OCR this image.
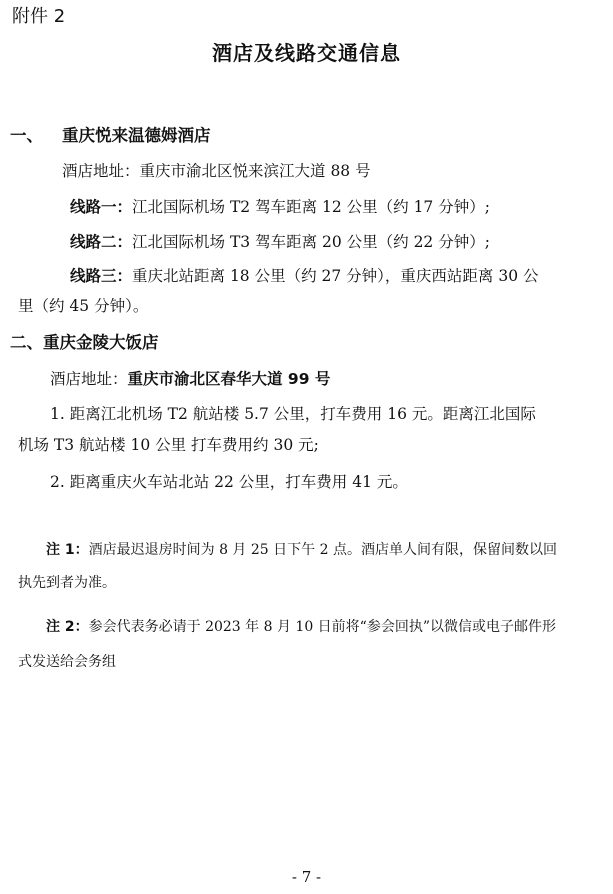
附件 2
酒店及线路交通信息
一、 重庆悦来温德姆酒店
酒店地址：重庆市渝北区悦来滨江大道 88 号
线路一：江北国际机场 T2 驾车距离 12 公里（约 17 分钟）;
线路二：江北国际机场 T3 驾车距离 20 公里（约 22 分钟）;
线路三：重庆北站距离 18 公里（约 27 分钟），重庆西站距离 30 公
里（约 45 分钟）。
二、重庆金陵大饭店
酒店地址：重庆市渝北区春华大道 99 号
1. 距离江北机场 T2 航站楼 5.7 公里，打车费用 16 元。距离江北国际
机场 T3 航站楼 10 公里 打车费用约 30 元;
2. 距离重庆火车站北站 22 公里，打车费用 41 元。
注 1：酒店最迟退房时间为 8 月 25 日下午 2 点。酒店单人间有限，保留间数以回
执先到者为准。
注 2：参会代表务必请于 2023 年 8 月 10 日前将“参会回执”以微信或电子邮件形
式发送给会务组
- 7 -
